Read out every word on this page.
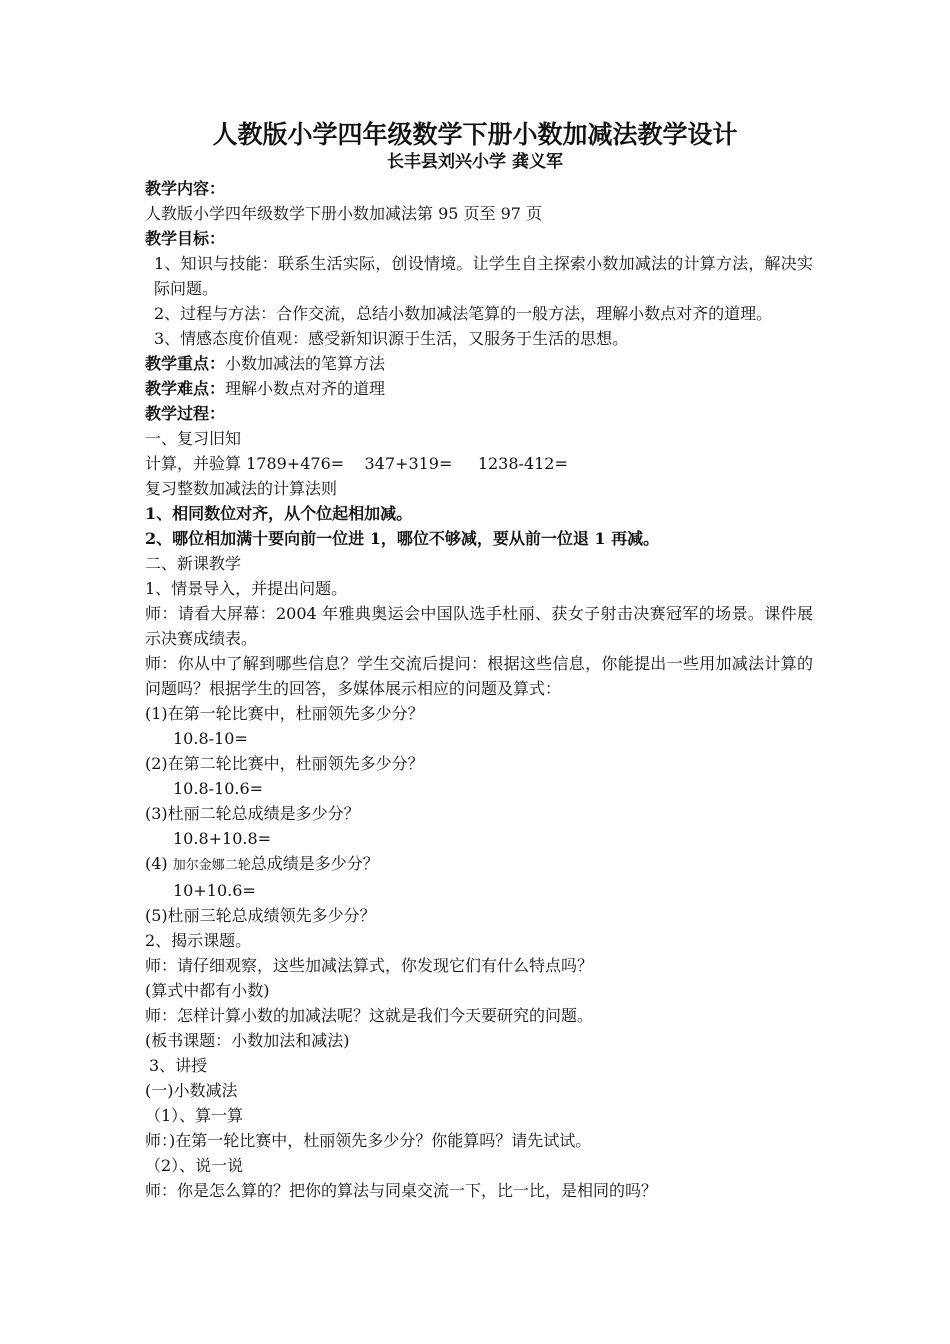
人教版小学四年级数学下册小数加减法教学设计
长丰县刘兴小学 龚义军

教学内容：

人教版小学四年级数学下册小数加减法第 95 页至 97 页

教学目标：

1、知识与技能：联系生活实际，创设情境。让学生自主探索小数加减法的计算方法，解决实际问题。

2、过程与方法：合作交流，总结小数加减法笔算的一般方法，理解小数点对齐的道理。

3、情感态度价值观：感受新知识源于生活，又服务于生活的思想。

教学重点：小数加减法的笔算方法

教学难点：理解小数点对齐的道理

教学过程：

一、复习旧知

计算，并验算 1789+476=    347+319=     1238-412=

复习整数加减法的计算法则

1、相同数位对齐，从个位起相加减。

2、哪位相加满十要向前一位进 1，哪位不够减，要从前一位退 1 再减。

二、新课教学

1、情景导入，并提出问题。

师：请看大屏幕：2004 年雅典奥运会中国队选手杜丽、获女子射击决赛冠军的场景。课件展示决赛成绩表。

师：你从中了解到哪些信息？学生交流后提问：根据这些信息，你能提出一些用加减法计算的问题吗？根据学生的回答，多媒体展示相应的问题及算式：

(1)在第一轮比赛中，杜丽领先多少分？

10.8-10=

(2)在第二轮比赛中，杜丽领先多少分？

10.8-10.6=

(3)杜丽二轮总成绩是多少分？

10.8+10.8=

(4) 加尔金娜二轮总成绩是多少分？

10+10.6=

(5)杜丽三轮总成绩领先多少分？

2、揭示课题。

师：请仔细观察，这些加减法算式，你发现它们有什么特点吗？

(算式中都有小数)

师：怎样计算小数的加减法呢？这就是我们今天要研究的问题。

(板书课题：小数加法和减法)

3、讲授

(一)小数减法

（1）、算一算

师：)在第一轮比赛中，杜丽领先多少分？你能算吗？请先试试。

（2）、说一说

师：你是怎么算的？把你的算法与同桌交流一下，比一比，是相同的吗？
